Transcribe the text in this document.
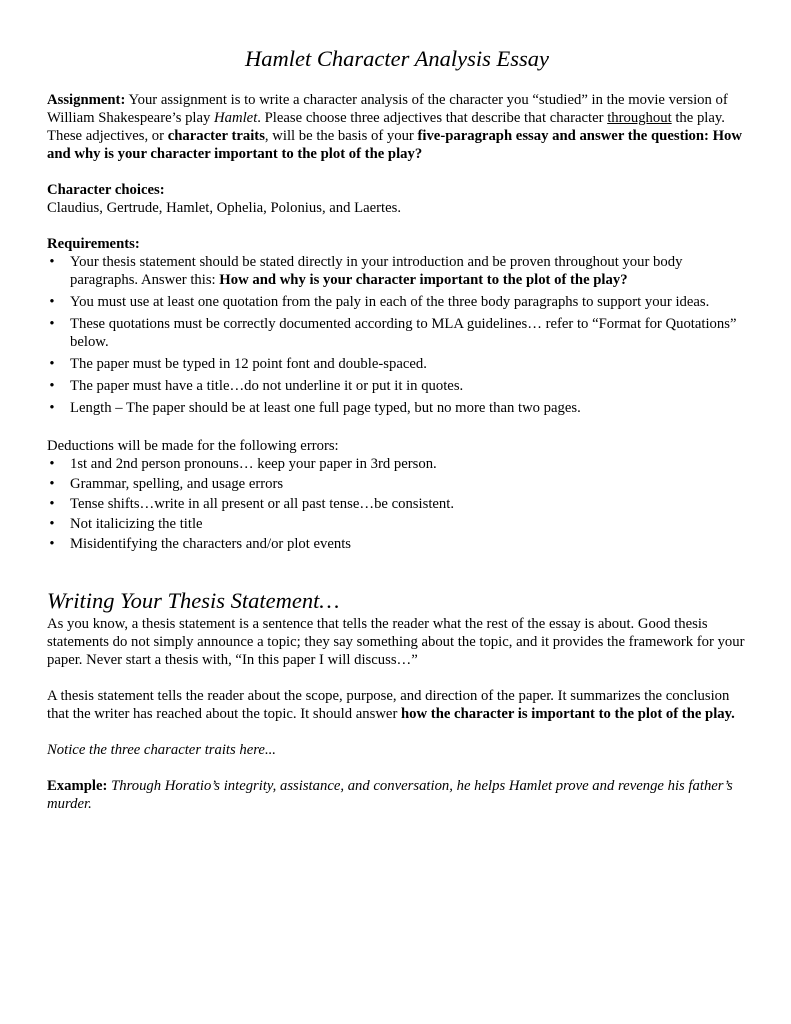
Hamlet Character Analysis Essay

Assignment: Your assignment is to write a character analysis of the character you “studied” in the movie version of William Shakespeare’s play Hamlet. Please choose three adjectives that describe that character throughout the play. These adjectives, or character traits, will be the basis of your five-paragraph essay and answer the question: How and why is your character important to the plot of the play?

Character choices:

Claudius, Gertrude, Hamlet, Ophelia, Polonius, and Laertes.

Requirements:

• Your thesis statement should be stated directly in your introduction and be proven throughout your body paragraphs. Answer this: How and why is your character important to the plot of the play?
• You must use at least one quotation from the paly in each of the three body paragraphs to support your ideas.
• These quotations must be correctly documented according to MLA guidelines… refer to “Format for Quotations” below.
• The paper must be typed in 12 point font and double-spaced.
• The paper must have a title…do not underline it or put it in quotes.
• Length – The paper should be at least one full page typed, but no more than two pages.

Deductions will be made for the following errors:

• 1st and 2nd person pronouns… keep your paper in 3rd person.
• Grammar, spelling, and usage errors
• Tense shifts…write in all present or all past tense…be consistent.
• Not italicizing the title
• Misidentifying the characters and/or plot events
Writing Your Thesis Statement…

As you know, a thesis statement is a sentence that tells the reader what the rest of the essay is about. Good thesis statements do not simply announce a topic; they say something about the topic, and it provides the framework for your paper. Never start a thesis with, “In this paper I will discuss…”

A thesis statement tells the reader about the scope, purpose, and direction of the paper. It summarizes the conclusion that the writer has reached about the topic. It should answer how the character is important to the plot of the play.

Notice the three character traits here...

Example: Through Horatio’s integrity, assistance, and conversation, he helps Hamlet prove and revenge his father’s murder.
